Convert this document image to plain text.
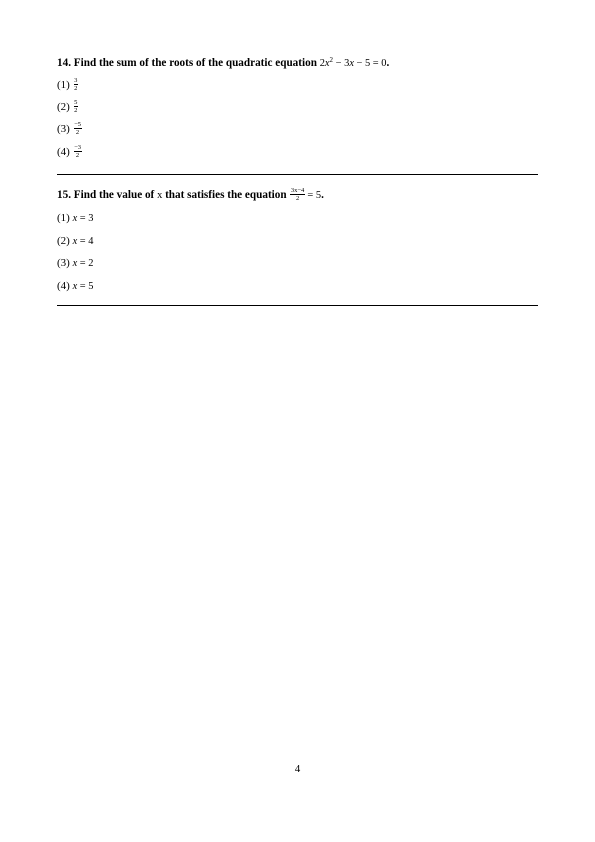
14. Find the sum of the roots of the quadratic equation $2x^2 - 3x - 5 = 0$.
$(1) \frac{3}{2}$
$(2) \frac{5}{2}$
$(3) \frac{-5}{2}$
$(4) \frac{-3}{2}$
15. Find the value of x that satisfies the equation $\frac{3x-4}{2} = 5$.
(1) x = 3
(2) x = 4
(3) x = 2
(4) x = 5
4
